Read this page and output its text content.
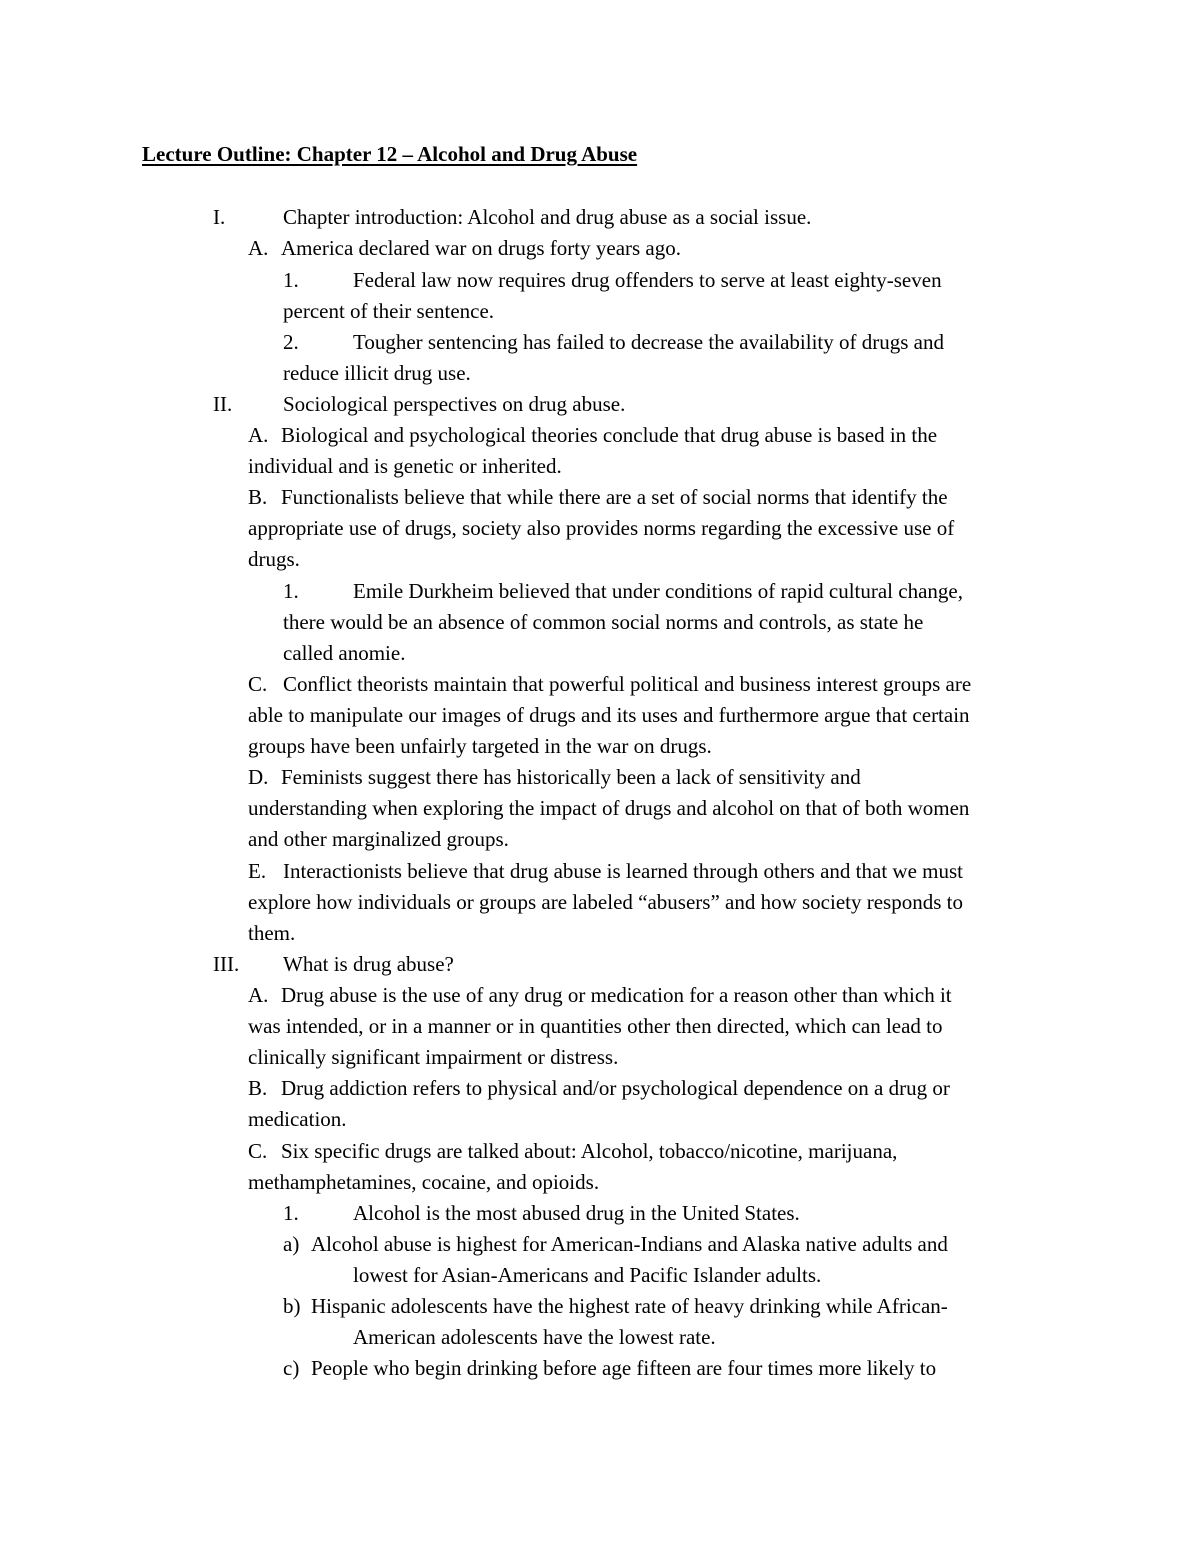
Lecture Outline: Chapter 12 – Alcohol and Drug Abuse
I.	Chapter introduction: Alcohol and drug abuse as a social issue.
A. America declared war on drugs forty years ago.
1.	Federal law now requires drug offenders to serve at least eighty-seven
percent of their sentence.
2.	Tougher sentencing has failed to decrease the availability of drugs and
reduce illicit drug use.
II. Sociological perspectives on drug abuse.
A. Biological and psychological theories conclude that drug abuse is based in the
individual and is genetic or inherited.
B. Functionalists believe that while there are a set of social norms that identify the
appropriate use of drugs, society also provides norms regarding the excessive use of
drugs.
1.	Emile Durkheim believed that under conditions of rapid cultural change,
there would be an absence of common social norms and controls, as state he
called anomie.
C. Conflict theorists maintain that powerful political and business interest groups are
able to manipulate our images of drugs and its uses and furthermore argue that certain
groups have been unfairly targeted in the war on drugs.
D. Feminists suggest there has historically been a lack of sensitivity and
understanding when exploring the impact of drugs and alcohol on that of both women
and other marginalized groups.
E. Interactionists believe that drug abuse is learned through others and that we must
explore how individuals or groups are labeled “abusers” and how society responds to
them.
III. What is drug abuse?
A. Drug abuse is the use of any drug or medication for a reason other than which it
was intended, or in a manner or in quantities other then directed, which can lead to
clinically significant impairment or distress.
B. Drug addiction refers to physical and/or psychological dependence on a drug or
medication.
C. Six specific drugs are talked about: Alcohol, tobacco/nicotine, marijuana,
methamphetamines, cocaine, and opioids.
1.	Alcohol is the most abused drug in the United States.
a) Alcohol abuse is highest for American-Indians and Alaska native adults and
lowest for Asian-Americans and Pacific Islander adults.
b) Hispanic adolescents have the highest rate of heavy drinking while African-
American adolescents have the lowest rate.
c) People who begin drinking before age fifteen are four times more likely to
